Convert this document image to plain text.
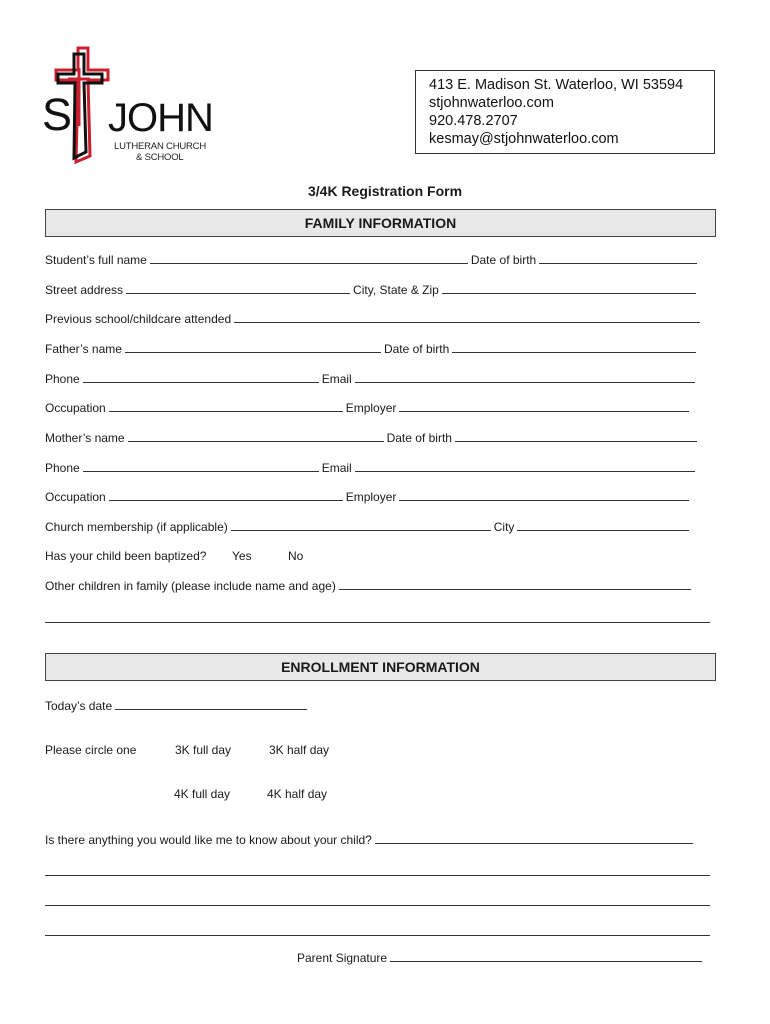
S JOHN
LUTHERAN CHURCH
& SCHOOL
413 E. Madison St. Waterloo, WI 53594
stjohnwaterloo.com
920.478.2707
kesmay@stjohnwaterloo.com
3/4K Registration Form
FAMILY INFORMATION
Student’s full name	Date of birth
Street address	City, State & Zip
Previous school/childcare attended
Father’s name	Date of birth
Phone	Email
Occupation	Employer
Mother’s name	Date of birth
Phone	Email
Occupation	Employer
Church membership (if applicable)	City
Has your child been baptized? Yes	No
Other children in family (please include name and age)
ENROLLMENT INFORMATION
Today’s date
Please circle one	3K full day	3K half day
4K full day	4K half day
Is there anything you would like me to know about your child?
Parent Signature
